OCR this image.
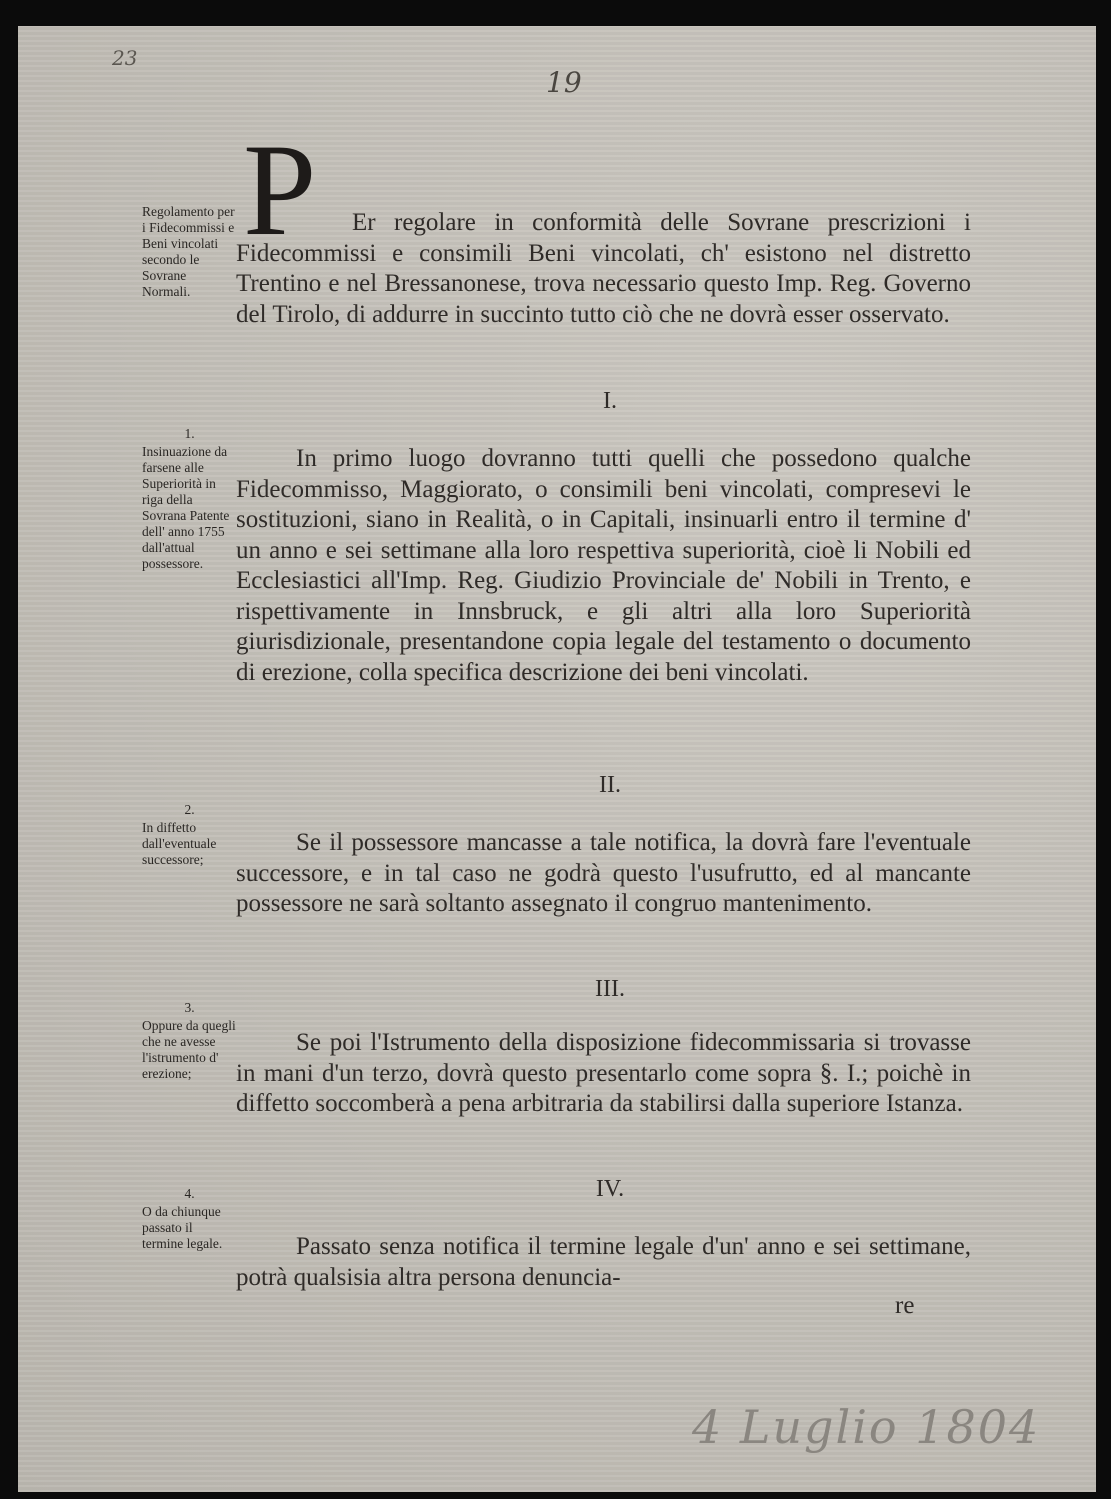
23
19
4 Luglio 1804
Regolamento per i Fidecommissi e Beni vincolati secondo le Sovrane Normali.
P	Er regolare in conformità delle Sovrane prescrizioni i Fidecommissi e consimili Beni vincolati, ch' esistono nel distretto Trentino e nel Bressanonese, trova necessario questo Imp. Reg. Governo del Tirolo, di addurre in succinto tutto ciò che ne dovrà esser osservato.
I.
1.
Insinuazione da farsene alle Superiorità in riga della Sovrana Patente dell' anno 1755 dall'attual possessore.
In primo luogo dovranno tutti quelli che possedono qualche Fidecommisso, Maggiorato, o consimili beni vincolati, compresevi le sostituzioni, siano in Realità, o in Capitali, insinuarli entro il termine d' un anno e sei settimane alla loro respettiva superiorità, cioè li Nobili ed Ecclesiastici all'Imp. Reg. Giudizio Provinciale de' Nobili in Trento, e rispettivamente in Innsbruck, e gli altri alla loro Superiorità giurisdizionale, presentandone copia legale del testamento o documento di erezione, colla specifica descrizione dei beni vincolati.
II.
2.
In diffetto dall'eventuale successore;
Se il possessore mancasse a tale notifica, la dovrà fare l'eventuale successore, e in tal caso ne godrà questo l'usufrutto, ed al mancante possessore ne sarà soltanto assegnato il congruo mantenimento.
III.
3.
Oppure da quegli che ne avesse l'istrumento d' erezione;
Se poi l'Istrumento della disposizione fidecommissaria si trovasse in mani d'un terzo, dovrà questo presentarlo come sopra §. I.; poichè in diffetto soccomberà a pena arbitraria da stabilirsi dalla superiore Istanza.
IV.
4.
O da chiunque passato il termine legale.	Passato senza notifica il termine legale d'un' anno e sei settimane, potrà qualsisia altra persona denuncia-
re
